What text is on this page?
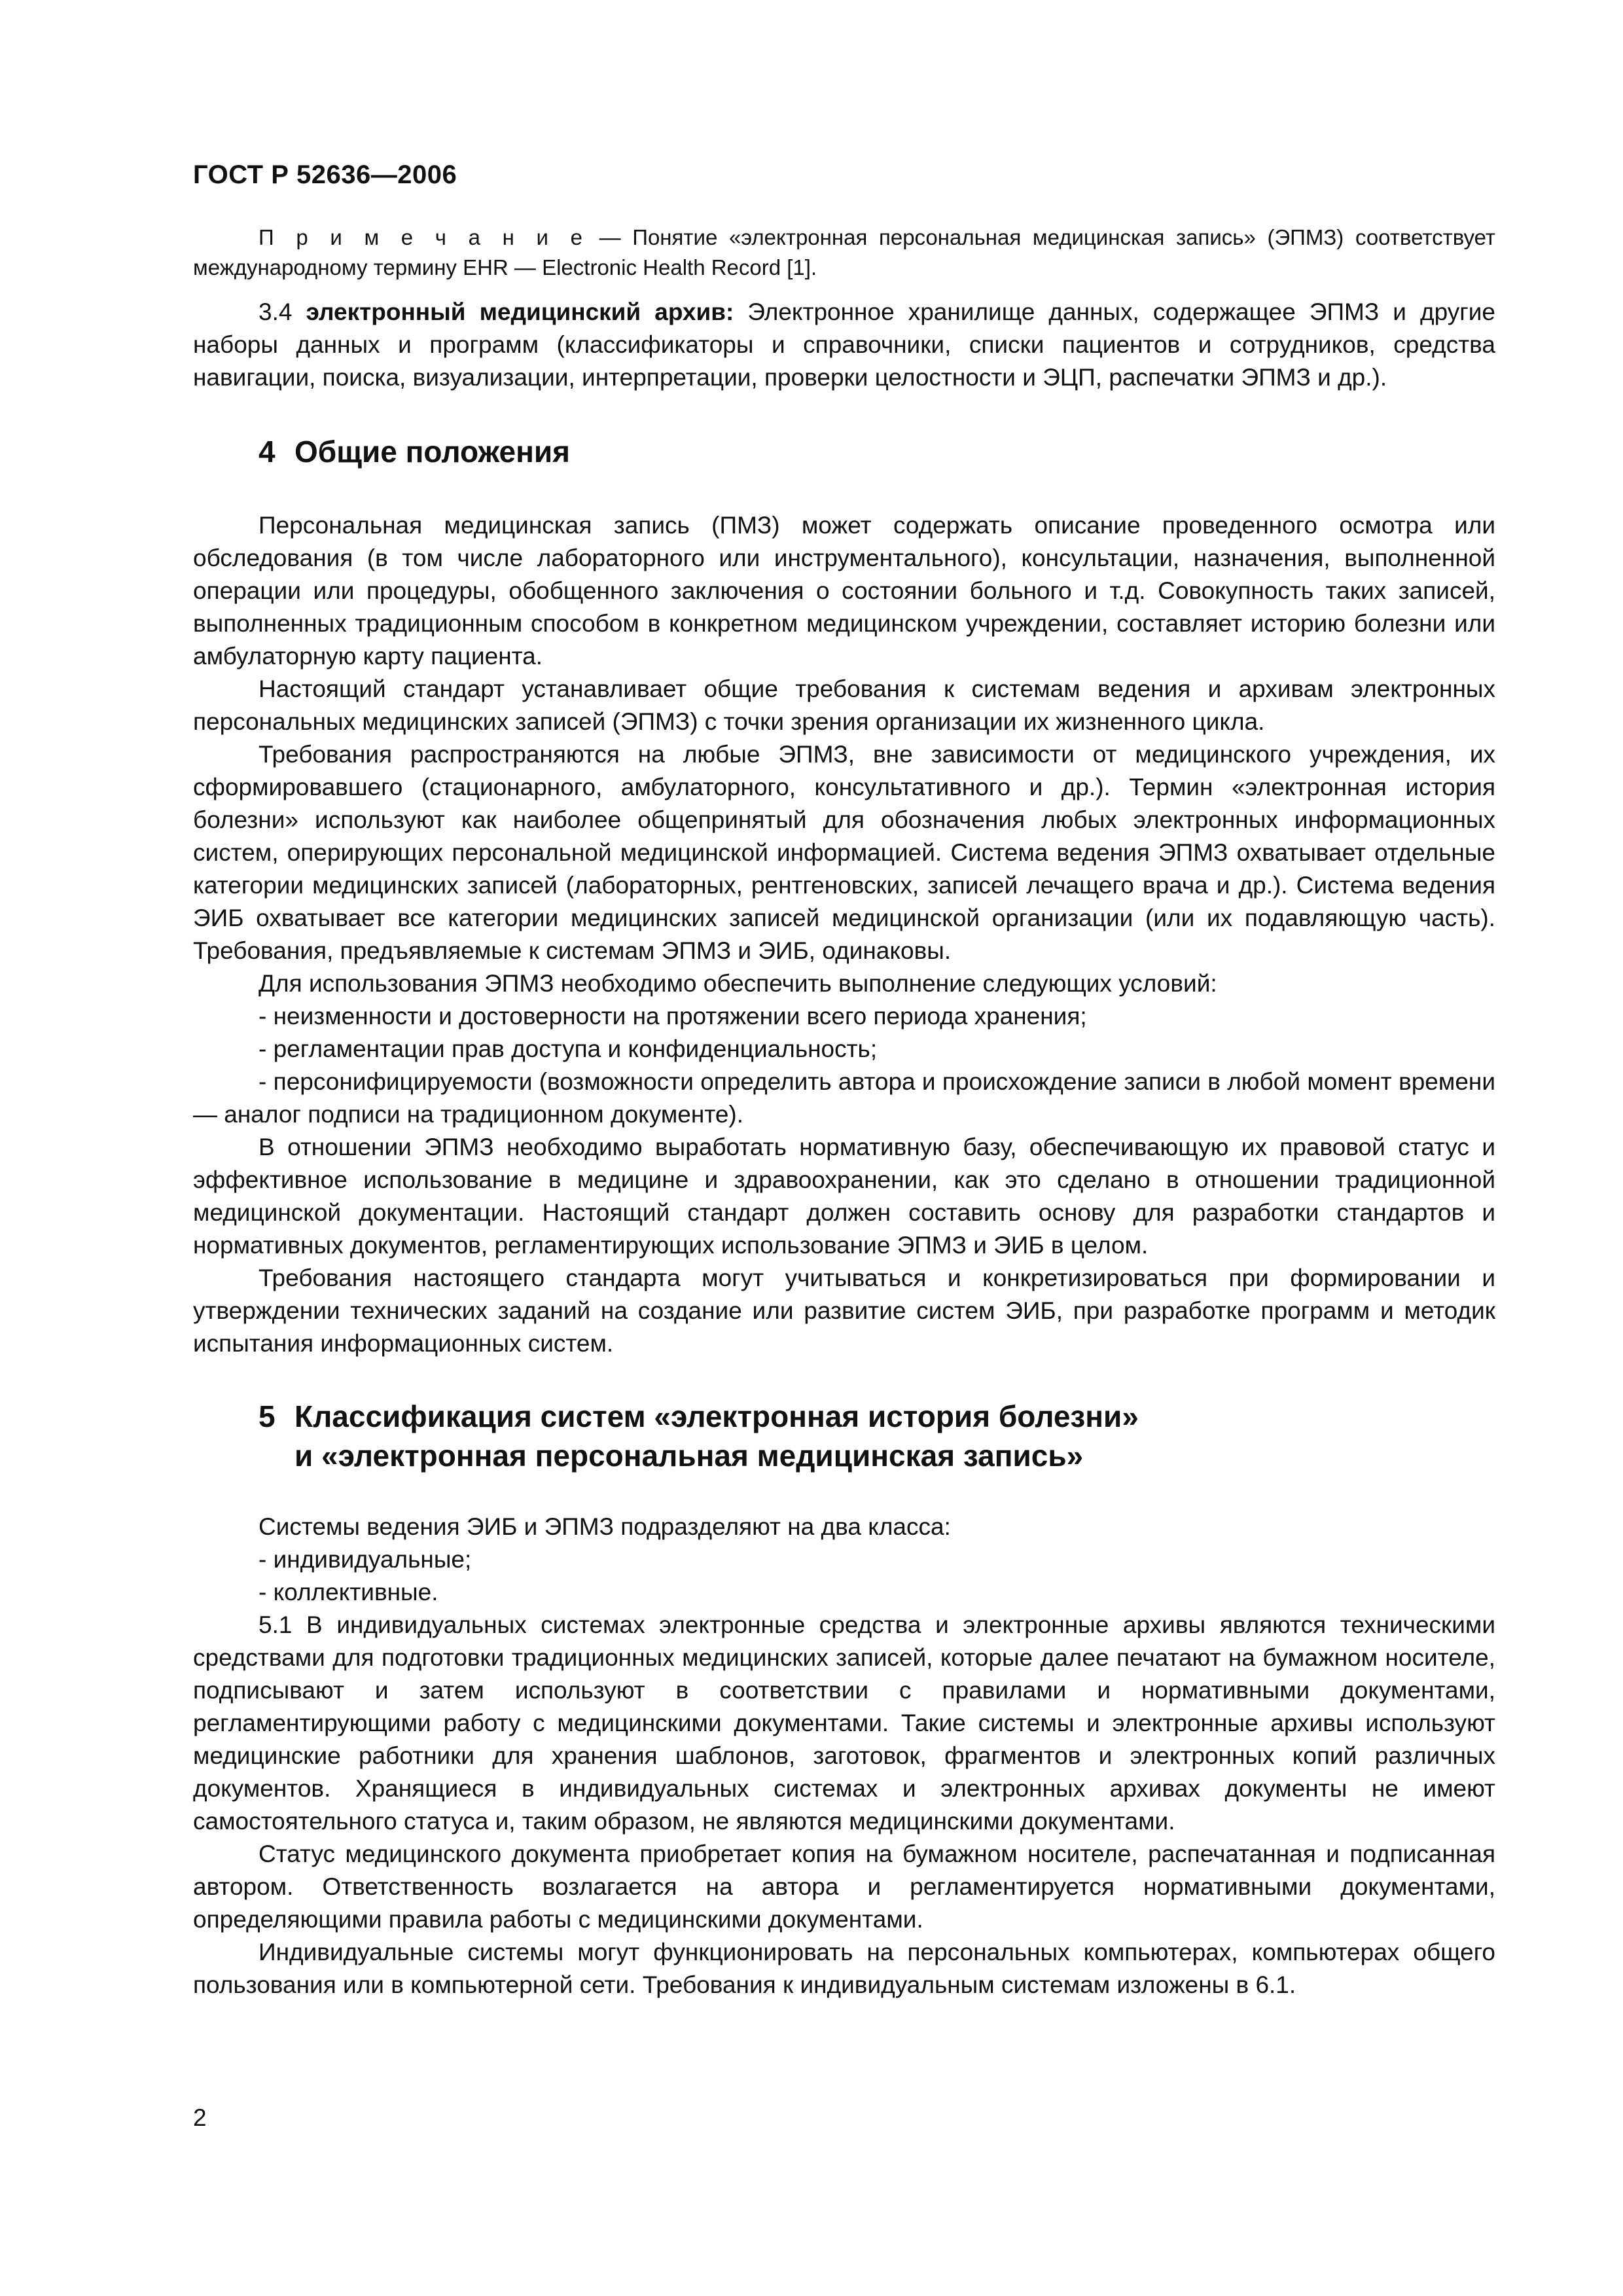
ГОСТ Р 52636—2006

П р и м е ч а н и е — Понятие «электронная персональная медицинская запись» (ЭПМЗ) соответствует международному термину EHR — Electronic Health Record [1].

3.4 электронный медицинский архив: Электронное хранилище данных, содержащее ЭПМЗ и другие наборы данных и программ (классификаторы и справочники, списки пациентов и сотрудников, средства навигации, поиска, визуализации, интерпретации, проверки целостности и ЭЦП, распечатки ЭПМЗ и др.).

4 Общие положения

Персональная медицинская запись (ПМЗ) может содержать описание проведенного осмотра или обследования (в том числе лабораторного или инструментального), консультации, назначения, выполненной операции или процедуры, обобщенного заключения о состоянии больного и т.д. Совокупность таких записей, выполненных традиционным способом в конкретном медицинском учреждении, составляет историю болезни или амбулаторную карту пациента.

Настоящий стандарт устанавливает общие требования к системам ведения и архивам электронных персональных медицинских записей (ЭПМЗ) с точки зрения организации их жизненного цикла.

Требования распространяются на любые ЭПМЗ, вне зависимости от медицинского учреждения, их сформировавшего (стационарного, амбулаторного, консультативного и др.). Термин «электронная история болезни» используют как наиболее общепринятый для обозначения любых электронных информационных систем, оперирующих персональной медицинской информацией. Система ведения ЭПМЗ охватывает отдельные категории медицинских записей (лабораторных, рентгеновских, записей лечащего врача и др.). Система ведения ЭИБ охватывает все категории медицинских записей медицинской организации (или их подавляющую часть). Требования, предъявляемые к системам ЭПМЗ и ЭИБ, одинаковы.

Для использования ЭПМЗ необходимо обеспечить выполнение следующих условий:

- неизменности и достоверности на протяжении всего периода хранения;

- регламентации прав доступа и конфиденциальность;

- персонифицируемости (возможности определить автора и происхождение записи в любой момент времени — аналог подписи на традиционном документе).

В отношении ЭПМЗ необходимо выработать нормативную базу, обеспечивающую их правовой статус и эффективное использование в медицине и здравоохранении, как это сделано в отношении традиционной медицинской документации. Настоящий стандарт должен составить основу для разработки стандартов и нормативных документов, регламентирующих использование ЭПМЗ и ЭИБ в целом.

Требования настоящего стандарта могут учитываться и конкретизироваться при формировании и утверждении технических заданий на создание или развитие систем ЭИБ, при разработке программ и методик испытания информационных систем.

5 Классификация систем «электронная история болезни»
и «электронная персональная медицинская запись»

Системы ведения ЭИБ и ЭПМЗ подразделяют на два класса:

- индивидуальные;

- коллективные.

5.1 В индивидуальных системах электронные средства и электронные архивы являются техническими средствами для подготовки традиционных медицинских записей, которые далее печатают на бумажном носителе, подписывают и затем используют в соответствии с правилами и нормативными документами, регламентирующими работу с медицинскими документами. Такие системы и электронные архивы используют медицинские работники для хранения шаблонов, заготовок, фрагментов и электронных копий различных документов. Хранящиеся в индивидуальных системах и электронных архивах документы не имеют самостоятельного статуса и, таким образом, не являются медицинскими документами.

Статус медицинского документа приобретает копия на бумажном носителе, распечатанная и подписанная автором. Ответственность возлагается на автора и регламентируется нормативными документами, определяющими правила работы с медицинскими документами.

Индивидуальные системы могут функционировать на персональных компьютерах, компьютерах общего пользования или в компьютерной сети. Требования к индивидуальным системам изложены в 6.1.

2
